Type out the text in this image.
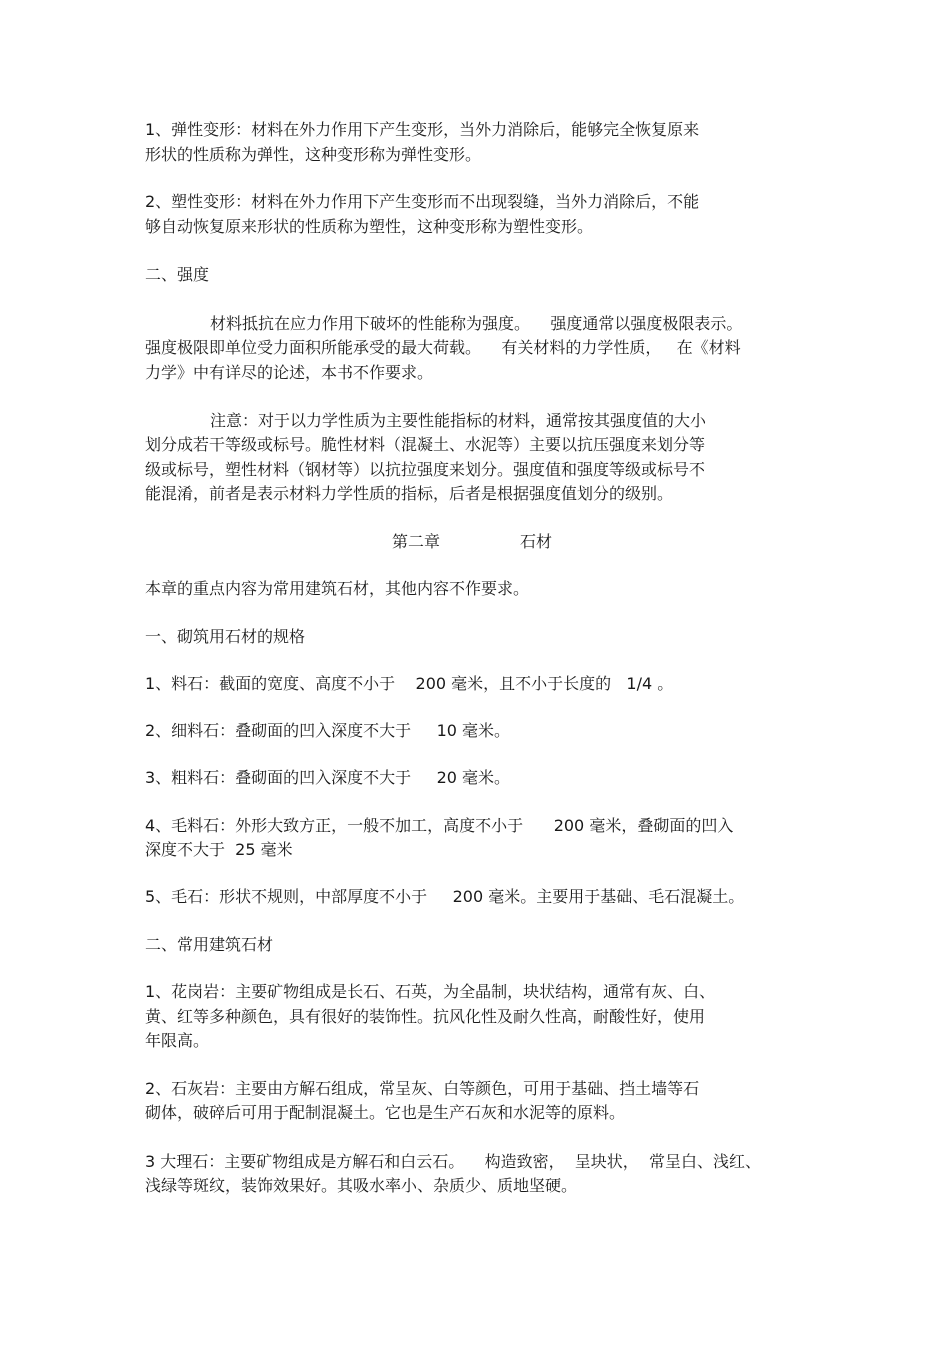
1、弹性变形：材料在外力作用下产生变形，当外力消除后，能够完全恢复原来
形状的性质称为弹性，这种变形称为弹性变形。
2、塑性变形：材料在外力作用下产生变形而不出现裂缝，当外力消除后，不能
够自动恢复原来形状的性质称为塑性，这种变形称为塑性变形。
二、强度
材料抵抗在应力作用下破坏的性能称为强度。    强度通常以强度极限表示。
强度极限即单位受力面积所能承受的最大荷载。    有关材料的力学性质，   在《材料
力学》中有详尽的论述，本书不作要求。
注意：对于以力学性质为主要性能指标的材料，通常按其强度值的大小
划分成若干等级或标号。脆性材料（混凝土、水泥等）主要以抗压强度来划分等
级或标号，塑性材料（钢材等）以抗拉强度来划分。强度值和强度等级或标号不
能混淆，前者是表示材料力学性质的指标，后者是根据强度值划分的级别。
第二章	石材
本章的重点内容为常用建筑石材，其他内容不作要求。
一、砌筑用石材的规格
1、料石：截面的宽度、高度不小于    200 毫米，且不小于长度的   1/4 。
2、细料石：叠砌面的凹入深度不大于     10 毫米。
3、粗料石：叠砌面的凹入深度不大于     20 毫米。
4、毛料石：外形大致方正，一般不加工，高度不小于      200 毫米，叠砌面的凹入
深度不大于  25 毫米
5、毛石：形状不规则，中部厚度不小于     200 毫米。主要用于基础、毛石混凝土。
二、常用建筑石材
1、花岗岩：主要矿物组成是长石、石英，为全晶制，块状结构，通常有灰、白、
黄、红等多种颜色，具有很好的装饰性。抗风化性及耐久性高，耐酸性好，使用
年限高。
2、石灰岩：主要由方解石组成，常呈灰、白等颜色，可用于基础、挡土墙等石
砌体，破碎后可用于配制混凝土。它也是生产石灰和水泥等的原料。
3 大理石：主要矿物组成是方解石和白云石。    构造致密，  呈块状，  常呈白、浅红、
浅绿等斑纹，装饰效果好。其吸水率小、杂质少、质地坚硬。
